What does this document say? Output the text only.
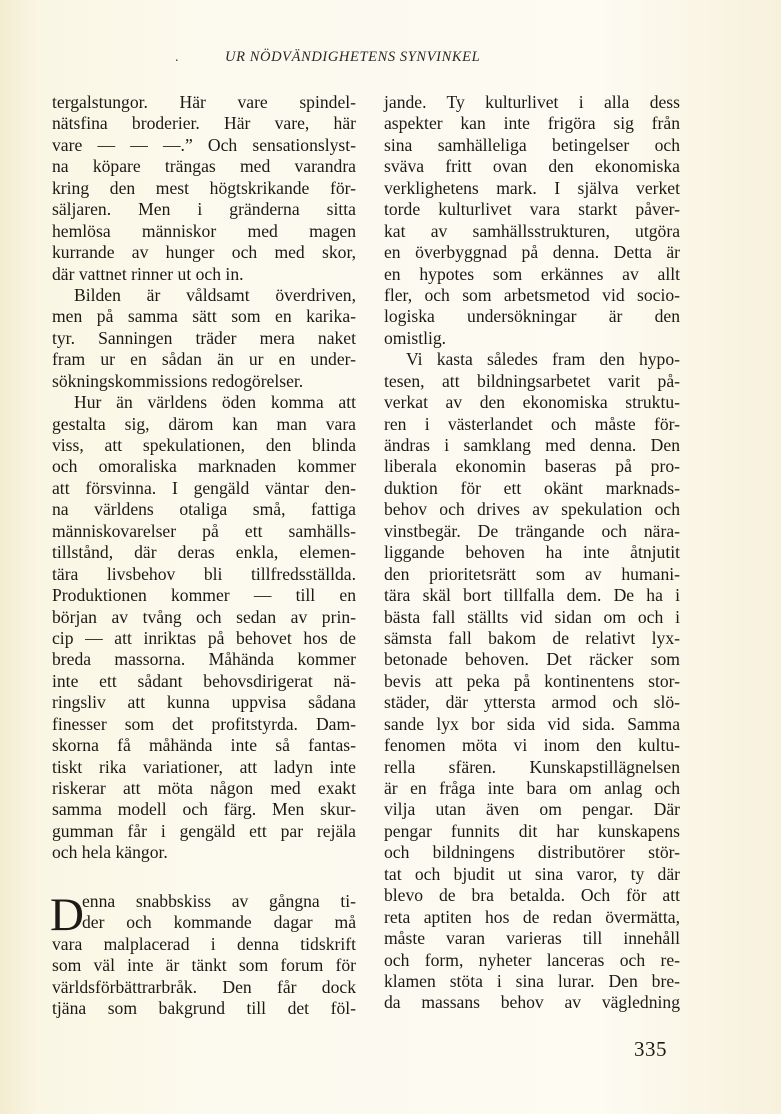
.	UR NÖDVÄNDIGHETENS SYNVINKEL
tergalstungor. Här vare spindel-
nätsfina broderier. Här vare, här
vare — — —.” Och sensationslyst-
na köpare trängas med varandra
kring den mest högtskrikande för-
säljaren. Men i gränderna sitta
hemlösa människor med magen
kurrande av hunger och med skor,
där vattnet rinner ut och in.
Bilden är våldsamt överdriven,
men på samma sätt som en karika-
tyr. Sanningen träder mera naket
fram ur en sådan än ur en under-
sökningskommissions redogörelser.
Hur än världens öden komma att
gestalta sig, därom kan man vara
viss, att spekulationen, den blinda
och omoraliska marknaden kommer
att försvinna. I gengäld väntar den-
na världens otaliga små, fattiga
människovarelser på ett samhälls-
tillstånd, där deras enkla, elemen-
tära livsbehov bli tillfredsställda.
Produktionen kommer — till en
början av tvång och sedan av prin-
cip — att inriktas på behovet hos de
breda massorna. Måhända kommer
inte ett sådant behovsdirigerat nä-
ringsliv att kunna uppvisa sådana
finesser som det profitstyrda. Dam-
skorna få måhända inte så fantas-
tiskt rika variationer, att ladyn inte
riskerar att möta någon med exakt
samma modell och färg. Men skur-
gumman får i gengäld ett par rejäla
och hela kängor.
D
enna snabbskiss av gångna ti-
der och kommande dagar må
vara malplacerad i denna tidskrift
som väl inte är tänkt som forum för
världsförbättrarbråk. Den får dock
tjäna som bakgrund till det föl-
jande. Ty kulturlivet i alla dess
aspekter kan inte frigöra sig från
sina samhälleliga betingelser och
sväva fritt ovan den ekonomiska
verklighetens mark. I själva verket
torde kulturlivet vara starkt påver-
kat av samhällsstrukturen, utgöra
en överbyggnad på denna. Detta är
en hypotes som erkännes av allt
fler, och som arbetsmetod vid socio-
logiska undersökningar är den
omistlig.
Vi kasta således fram den hypo-
tesen, att bildningsarbetet varit på-
verkat av den ekonomiska struktu-
ren i västerlandet och måste för-
ändras i samklang med denna. Den
liberala ekonomin baseras på pro-
duktion för ett okänt marknads-
behov och drives av spekulation och
vinstbegär. De trängande och nära-
liggande behoven ha inte åtnjutit
den prioritetsrätt som av humani-
tära skäl bort tillfalla dem. De ha i
bästa fall ställts vid sidan om och i
sämsta fall bakom de relativt lyx-
betonade behoven. Det räcker som
bevis att peka på kontinentens stor-
städer, där yttersta armod och slö-
sande lyx bor sida vid sida. Samma
fenomen möta vi inom den kultu-
rella sfären. Kunskapstillägnelsen
är en fråga inte bara om anlag och
vilja utan även om pengar. Där
pengar funnits dit har kunskapens
och bildningens distributörer stör-
tat och bjudit ut sina varor, ty där
blevo de bra betalda. Och för att
reta aptiten hos de redan övermätta,
måste varan varieras till innehåll
och form, nyheter lanceras och re-
klamen stöta i sina lurar. Den bre-
da massans behov av vägledning
335
